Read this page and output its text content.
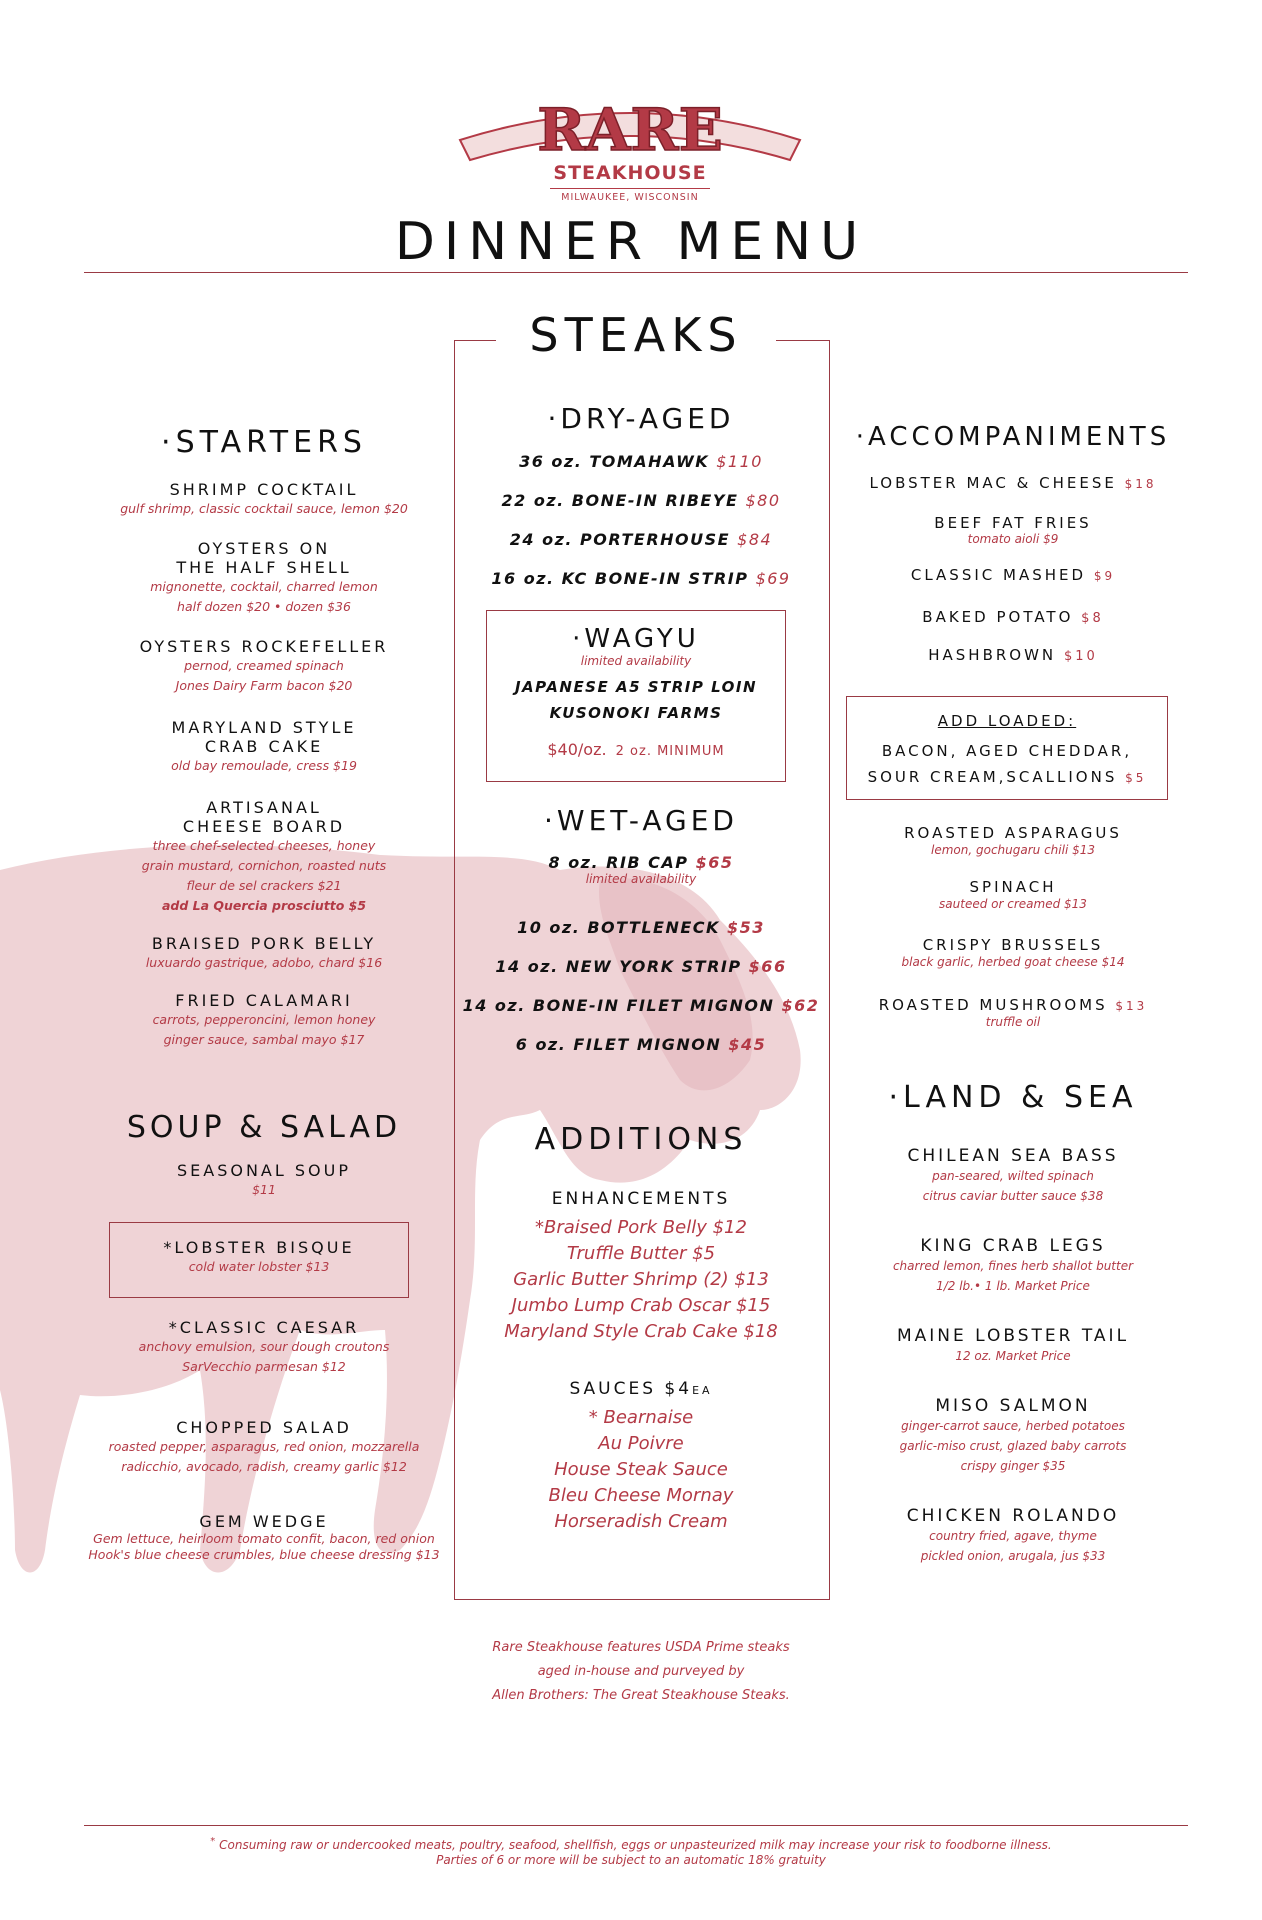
RARE
STEAKHOUSE
MILWAUKEE, WISCONSIN
DINNER MENU
·STARTERS
SHRIMP COCKTAIL
gulf shrimp, classic cocktail sauce, lemon $20
OYSTERS ON
THE HALF SHELL
mignonette, cocktail, charred lemon
half dozen $20 • dozen $36
OYSTERS ROCKEFELLER
pernod, creamed spinach
Jones Dairy Farm bacon $20
MARYLAND STYLE
CRAB CAKE
old bay remoulade, cress $19
ARTISANAL
CHEESE BOARD
three chef-selected cheeses, honey
grain mustard, cornichon, roasted nuts
fleur de sel crackers $21
add La Quercia prosciutto $5
BRAISED PORK BELLY
luxuardo gastrique, adobo, chard $16
FRIED CALAMARI
carrots, pepperoncini, lemon honey
ginger sauce, sambal mayo $17
SOUP & SALAD
SEASONAL SOUP
$11
*LOBSTER BISQUE
cold water lobster $13
*CLASSIC CAESAR
anchovy emulsion, sour dough croutons
SarVecchio parmesan $12
CHOPPED SALAD
roasted pepper, asparagus, red onion, mozzarella
radicchio, avocado, radish, creamy garlic $12
GEM WEDGE
Gem lettuce, heirloom tomato confit, bacon, red onion
Hook's blue cheese crumbles, blue cheese dressing $13
STEAKS
·DRY-AGED
36 oz. TOMAHAWK $110
22 oz. BONE-IN RIBEYE $80
24 oz. PORTERHOUSE $84
16 oz. KC BONE-IN STRIP $69
·WAGYU
limited availability
JAPANESE A5 STRIP LOIN
KUSONOKI FARMS
$40/oz. 2 oz. MINIMUM
·WET-AGED
8 oz. RIB CAP $65
limited availability
10 oz. BOTTLENECK $53
14 oz. NEW YORK STRIP $66
14 oz. BONE-IN FILET MIGNON $62
6 oz. FILET MIGNON $45
ADDITIONS
ENHANCEMENTS
*Braised Pork Belly $12
Truffle Butter $5
Garlic Butter Shrimp (2) $13
Jumbo Lump Crab Oscar $15
Maryland Style Crab Cake $18
SAUCES $4EA
* Bearnaise
Au Poivre
House Steak Sauce
Bleu Cheese Mornay
Horseradish Cream
·ACCOMPANIMENTS
LOBSTER MAC & CHEESE $18
BEEF FAT FRIES
tomato aioli $9
CLASSIC MASHED $9
BAKED POTATO $8
HASHBROWN $10
ADD LOADED:
BACON, AGED CHEDDAR,
SOUR CREAM,SCALLIONS $5
ROASTED ASPARAGUS
lemon, gochugaru chili $13
SPINACH
sauteed or creamed $13
CRISPY BRUSSELS
black garlic, herbed goat cheese $14
ROASTED MUSHROOMS $13
truffle oil
·LAND & SEA
CHILEAN SEA BASS
pan-seared, wilted spinach
citrus caviar butter sauce $38
KING CRAB LEGS
charred lemon, fines herb shallot butter
1/2 lb.• 1 lb. Market Price
MAINE LOBSTER TAIL
12 oz. Market Price
MISO SALMON
ginger-carrot sauce, herbed potatoes
garlic-miso crust, glazed baby carrots
crispy ginger $35
CHICKEN ROLANDO
country fried, agave, thyme
pickled onion, arugala, jus $33
Rare Steakhouse features USDA Prime steaks
aged in-house and purveyed by
Allen Brothers: The Great Steakhouse Steaks.
* Consuming raw or undercooked meats, poultry, seafood, shellfish, eggs or unpasteurized milk may increase your risk to foodborne illness.
Parties of 6 or more will be subject to an automatic 18% gratuity
